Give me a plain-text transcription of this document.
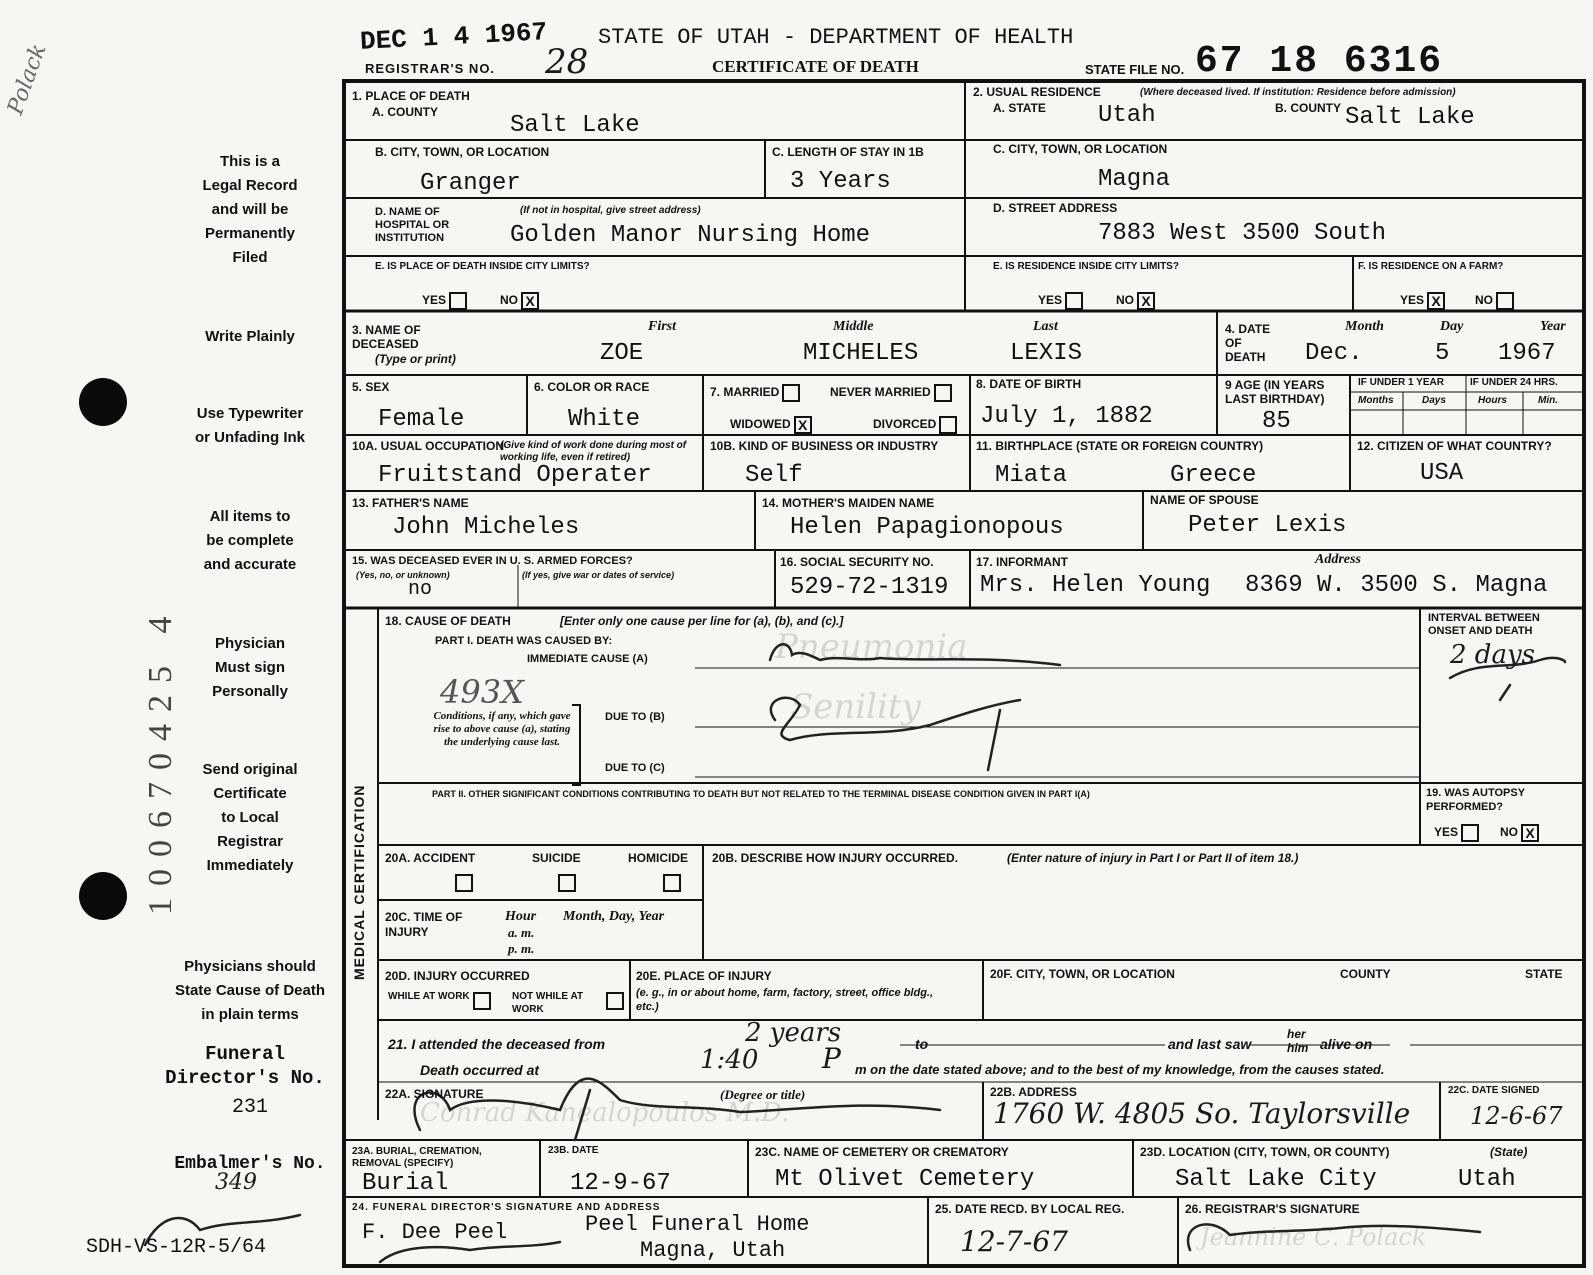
Polack
This is a
Legal Record
and will be
Permanently
Filed
Write Plainly
Use Typewriter
or Unfading Ink
All items to
be complete
and accurate
Physician
Must sign
Personally
Send original
Certificate
to Local
Registrar
Immediately
Physicians should
State Cause of Death
in plain terms
Funeral Director's No.
231
Embalmer's No.
349
SDH-VS-12R-5/64
100670425 4
DEC 1 4 1967 STATE OF UTAH - DEPARTMENT OF HEALTH
REGISTRAR'S NO. 28	CERTIFICATE OF DEATH	STATE FILE NO. 67 18 6316
1. PLACE OF DEATH
A. COUNTY	Salt Lake
2. USUAL RESIDENCE	(Where deceased lived. If institution: Residence before admission)
A. STATE Utah	B. COUNTY Salt Lake
B. CITY, TOWN, OR LOCATION
Granger
C. LENGTH OF STAY IN 1B
3 Years
C. CITY, TOWN, OR LOCATION
Magna
D. NAME OF HOSPITAL OR INSTITUTION
(If not in hospital, give street address)
Golden Manor Nursing Home
D. STREET ADDRESS
7883 West 3500 South
E. IS PLACE OF DEATH INSIDE CITY LIMITS?
YES	NO X
E. IS RESIDENCE INSIDE CITY LIMITS?
YES	NO X
F. IS RESIDENCE ON A FARM?
YES X	NO
3. NAME OF DECEASED
(Type or print)
First	Middle	Last
ZOE	MICHELES	LEXIS
4. DATE OF DEATH
Month	Day	Year
Dec.	5 1967
5. SEX
Female
6. COLOR OR RACE
White
7. MARRIED	NEVER MARRIED
WIDOWED X	DIVORCED
8. DATE OF BIRTH
July 1, 1882
9 AGE (IN YEARS LAST BIRTHDAY)
85
IF UNDER 1 YEAR	IF UNDER 24 HRS.
Months	Days	Hours	Min.
10A. USUAL OCCUPATION
(Give kind of work done during most of working life, even if retired)
Fruitstand Operater
10B. KIND OF BUSINESS OR INDUSTRY
Self
11. BIRTHPLACE (STATE OR FOREIGN COUNTRY)
Miata	Greece
12. CITIZEN OF WHAT COUNTRY?
USA
13. FATHER'S NAME
John Micheles
14. MOTHER'S MAIDEN NAME
Helen Papagionopous
NAME OF SPOUSE
Peter Lexis
15. WAS DECEASED EVER IN U. S. ARMED FORCES?
(Yes, no, or unknown)	(If yes, give war or dates of service)
no
16. SOCIAL SECURITY NO.
529-72-1319
17. INFORMANT	Address
Mrs. Helen Young 8369 W. 3500 S. Magna
MEDICAL CERTIFICATION
18. CAUSE OF DEATH	[Enter only one cause per line for (a), (b), and (c).]
PART I. DEATH WAS CAUSED BY:
IMMEDIATE CAUSE (A)	Pneumonia
493X
Conditions, if any, which gave rise to above cause (a), stating the underlying cause last.
DUE TO (B)	Senility
DUE TO (C)
INTERVAL BETWEEN ONSET AND DEATH
2 days
PART II. OTHER SIGNIFICANT CONDITIONS CONTRIBUTING TO DEATH BUT NOT RELATED TO THE TERMINAL DISEASE CONDITION GIVEN IN PART I(A)	19. WAS AUTOPSY PERFORMED?
YES	NO X
20A. ACCIDENT	SUICIDE	HOMICIDE 20B. DESCRIBE HOW INJURY OCCURRED.	(Enter nature of injury in Part I or Part II of item 18.)
20C. TIME OF INJURY
Hour
a. m.
p. m.
Month, Day, Year
20D. INJURY OCCURRED
WHILE AT WORK	NOT WHILE AT WORK
20E. PLACE OF INJURY
(e. g., in or about home, farm, factory, street, office bldg., etc.)
20F. CITY, TOWN, OR LOCATION	COUNTY	STATE
21. I attended the deceased from	2 years	to	and last saw
her
him alive on
Death occurred at	1:40 P m on the date stated above; and to the best of my knowledge, from the causes stated.
22A. SIGNATURE	(Degree or title)
Conrad Kanealopoulos M.D.
22B. ADDRESS
1760 W. 4805 So. Taylorsville
22C. DATE SIGNED
12-6-67
23A. BURIAL, CREMATION, REMOVAL (SPECIFY)
Burial
23B. DATE
12-9-67
23C. NAME OF CEMETERY OR CREMATORY
Mt Olivet Cemetery
23D. LOCATION (CITY, TOWN, OR COUNTY)	(State)
Salt Lake City	Utah
24. FUNERAL DIRECTOR'S SIGNATURE AND ADDRESS
F. Dee Peel	Peel Funeral Home
Magna, Utah
25. DATE RECD. BY LOCAL REG.
12-7-67
26. REGISTRAR'S SIGNATURE
Jeannine C. Polack
